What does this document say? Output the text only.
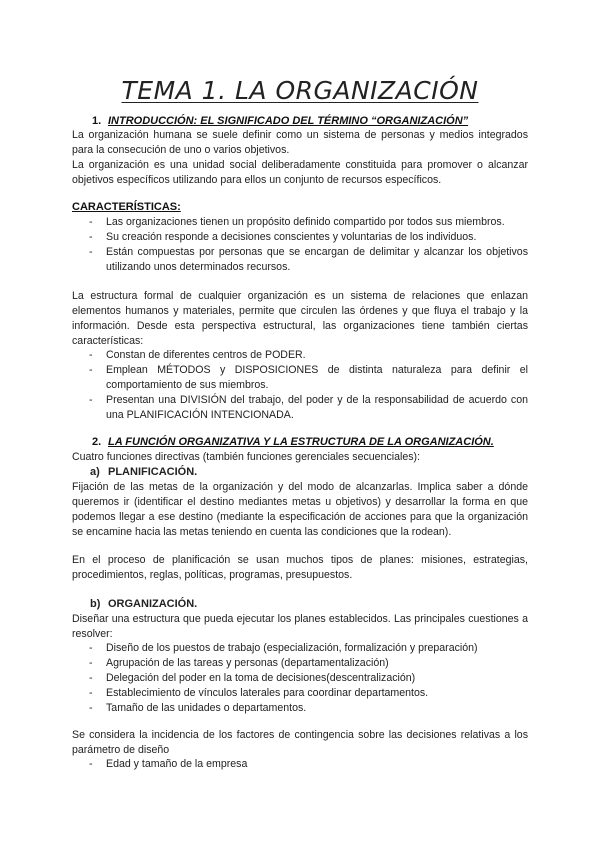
TEMA 1. LA ORGANIZACIÓN
1. INTRODUCCIÓN: EL SIGNIFICADO DEL TÉRMINO “ORGANIZACIÓN”
La organización humana se suele definir como un sistema de personas y medios integrados para la consecución de uno o varios objetivos.
La organización es una unidad social deliberadamente constituida para promover o alcanzar objetivos específicos utilizando para ellos un conjunto de recursos específicos.
CARACTERÍSTICAS:
- Las organizaciones tienen un propósito definido compartido por todos sus miembros.
- Su creación responde a decisiones conscientes y voluntarias de los individuos.
- Están compuestas por personas que se encargan de delimitar y alcanzar los objetivos utilizando unos determinados recursos.
La estructura formal de cualquier organización es un sistema de relaciones que enlazan elementos humanos y materiales, permite que circulen las órdenes y que fluya el trabajo y la información. Desde esta perspectiva estructural, las organizaciones tiene también ciertas características:
- Constan de diferentes centros de PODER.
- Emplean MÉTODOS y DISPOSICIONES de distinta naturaleza para definir el comportamiento de sus miembros.
- Presentan una DIVISIÓN del trabajo, del poder y de la responsabilidad de acuerdo con una PLANIFICACIÓN INTENCIONADA.
2. LA FUNCIÓN ORGANIZATIVA Y LA ESTRUCTURA DE LA ORGANIZACIÓN.
Cuatro funciones directivas (también funciones gerenciales secuenciales):
a) PLANIFICACIÓN.
Fijación de las metas de la organización y del modo de alcanzarlas. Implica saber a dónde queremos ir (identificar el destino mediantes metas u objetivos) y desarrollar la forma en que podemos llegar a ese destino (mediante la especificación de acciones para que la organización se encamine hacia las metas teniendo en cuenta las condiciones que la rodean).
En el proceso de planificación se usan muchos tipos de planes: misiones, estrategias, procedimientos, reglas, políticas, programas, presupuestos.
b) ORGANIZACIÓN.
Diseñar una estructura que pueda ejecutar los planes establecidos. Las principales cuestiones a resolver:
- Diseño de los puestos de trabajo (especialización, formalización y preparación)
- Agrupación de las tareas y personas (departamentalización)
- Delegación del poder en la toma de decisiones(descentralización)
- Establecimiento de vínculos laterales para coordinar departamentos.
- Tamaño de las unidades o departamentos.
Se considera la incidencia de los factores de contingencia sobre las decisiones relativas a los parámetro de diseño
- Edad y tamaño de la empresa
